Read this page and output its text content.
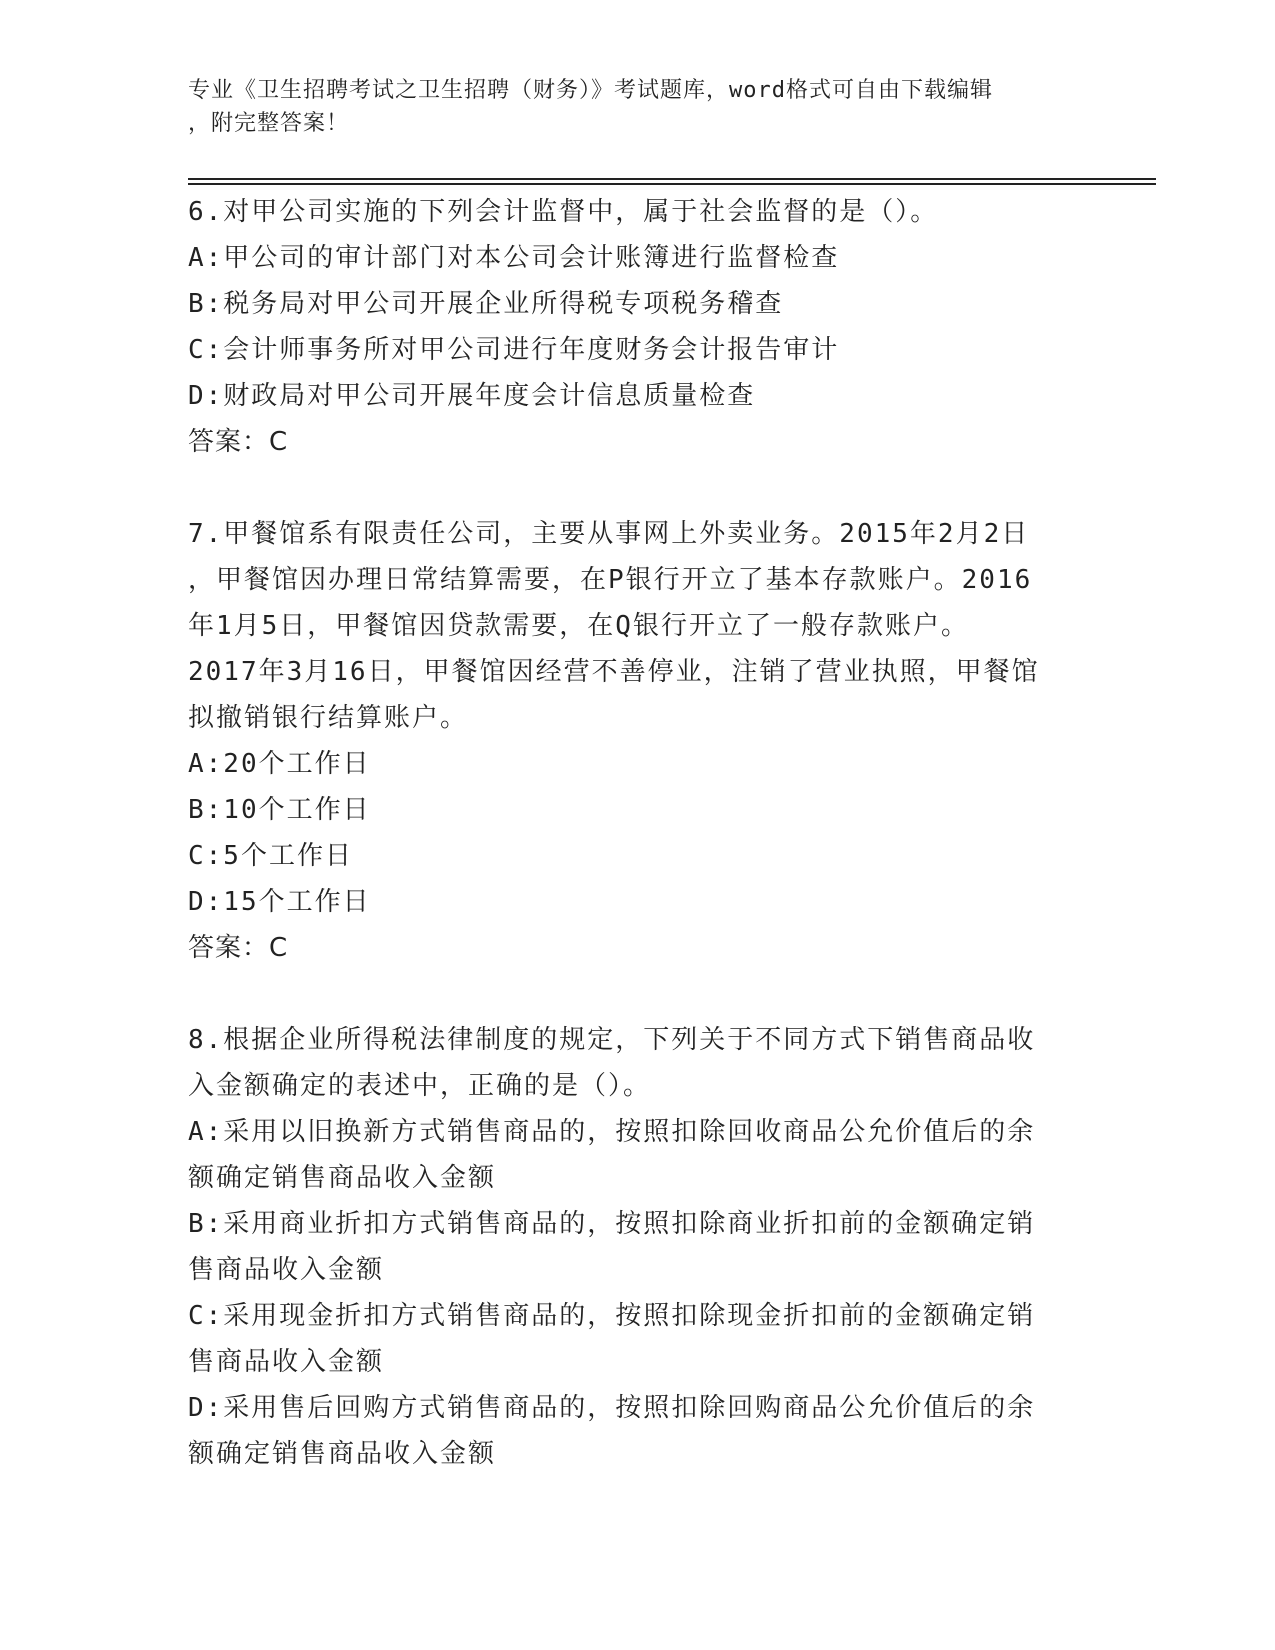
专业《卫生招聘考试之卫生招聘（财务）》考试题库，word格式可自由下载编辑
，附完整答案！
6.对甲公司实施的下列会计监督中，属于社会监督的是（）。
A:甲公司的审计部门对本公司会计账簿进行监督检查
B:税务局对甲公司开展企业所得税专项税务稽查
C:会计师事务所对甲公司进行年度财务会计报告审计
D:财政局对甲公司开展年度会计信息质量检查
答案：C
7.甲餐馆系有限责任公司，主要从事网上外卖业务。2015年2月2日
，甲餐馆因办理日常结算需要，在P银行开立了基本存款账户。2016
年1月5日，甲餐馆因贷款需要，在Q银行开立了一般存款账户。
2017年3月16日，甲餐馆因经营不善停业，注销了营业执照，甲餐馆
拟撤销银行结算账户。
A:20个工作日
B:10个工作日
C:5个工作日
D:15个工作日
答案：C
8.根据企业所得税法律制度的规定，下列关于不同方式下销售商品收
入金额确定的表述中，正确的是（）。
A:采用以旧换新方式销售商品的，按照扣除回收商品公允价值后的余
额确定销售商品收入金额
B:采用商业折扣方式销售商品的，按照扣除商业折扣前的金额确定销
售商品收入金额
C:采用现金折扣方式销售商品的，按照扣除现金折扣前的金额确定销
售商品收入金额
D:采用售后回购方式销售商品的，按照扣除回购商品公允价值后的余
额确定销售商品收入金额
